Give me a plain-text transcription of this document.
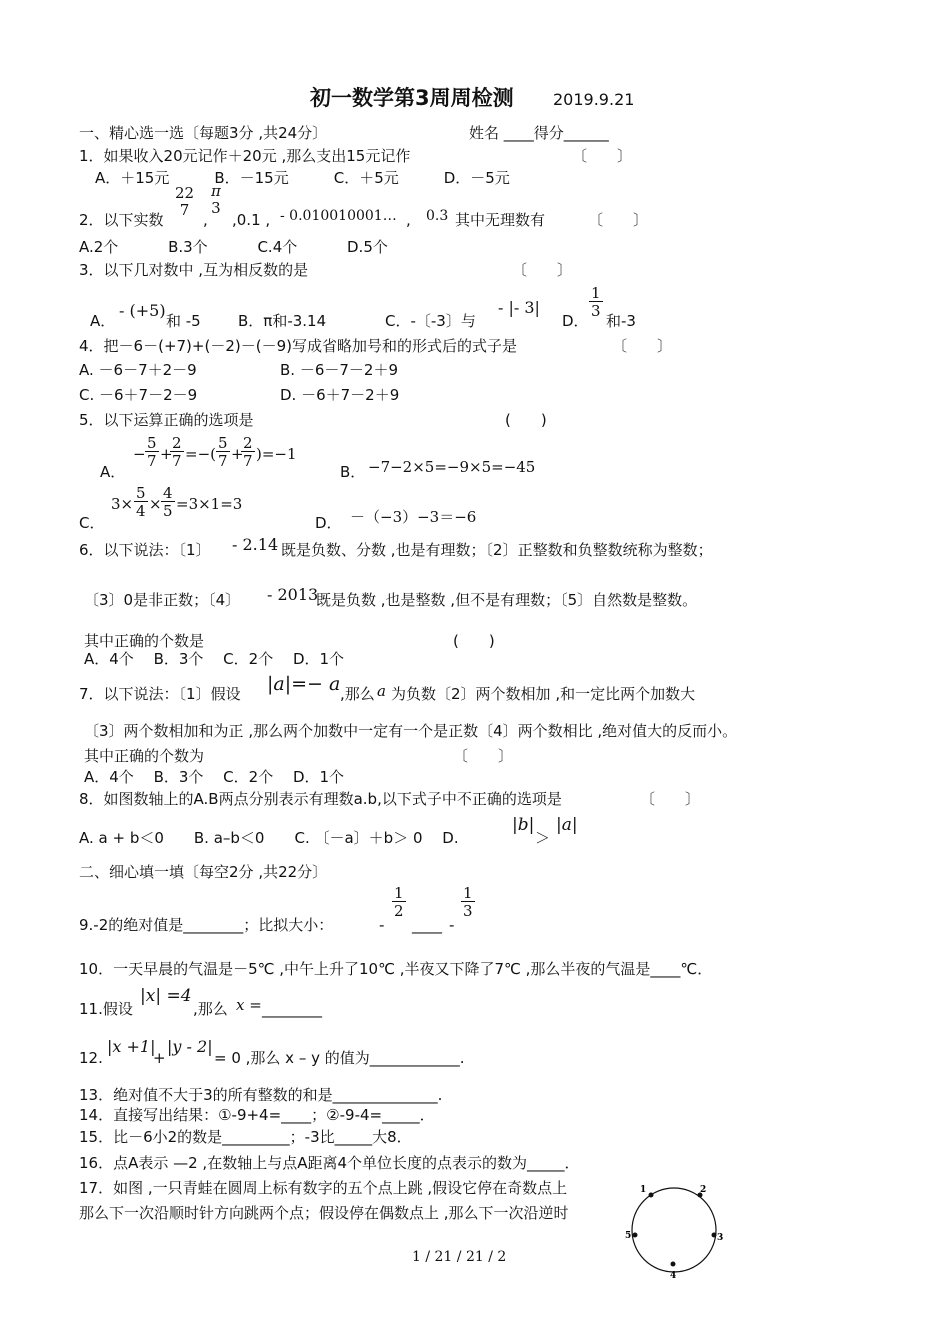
初一数学第3周周检测 2019.9.21
一、精心选一选〔每题3分 ,共24分〕	姓名 ____得分______
1．如果收入20元记作＋20元 ,那么支出15元记作	〔　　〕
A．＋15元　　　B．－15元　　　C．＋5元　　　D．－5元
2．以下实数
22
7
,
π
3
,0.1 , - 0.010010001… , 0.3 其中无理数有	〔　　〕
A.2个　　　 B.3个　　　 C.4个　　　 D.5个
3．以下几对数中 ,互为相反数的是	〔　　〕
A．
- (+5)
和 -5 B．π和-3.14	C．-〔-3〕与
- |- 3|
D．
$\frac{1}{3}$
和-3
4．把－6－(+7)+(－2)－(－9)写成省略加号和的形式后的式子是	〔　　〕
A. －6－7＋2－9	B. －6－7－2＋9
C. －6＋7－2－9	D. －6＋7－2＋9
5．以下运算正确的选项是	(　　)
A．
− $\frac{5}{7}$ +
$\frac{2}{7}$ =−( $\frac{5}{7}$ +
$\frac{2}{7} )=-1$
B． −7−2×5=−9×5=−45
C．
$3\times \frac{5}{4} \times \frac{4}{5} =3\times 1=3$
D． －（−3）−3＝−6
6．以下说法：〔1〕 - 2.14 既是负数、分数 ,也是有理数；〔2〕正整数和负整数统称为整数；
〔3〕0是非正数；〔4〕 - 2013
既是负数 ,也是整数 ,但不是有理数；〔5〕自然数是整数。
其中正确的个数是	(　　)
A．4个　 B．3个　 C．2个　 D．1个
7．以下说法：〔1〕假设 |a|=− a ,那么 a 为负数〔2〕两个数相加 ,和一定比两个加数大
〔3〕两个数相加和为正 ,那么两个加数中一定有一个是正数〔4〕两个数相比 ,绝对值大的反而小。
其中正确的个数为	〔　　〕
A．4个　 B．3个　 C．2个　 D．1个
8．如图数轴上的A.B两点分别表示有理数a.b,以下式子中不正确的选项是	〔　　〕
A. a + b＜0　　B. a–b＜0　　C. 〔－a〕＋b＞ 0　 D.
|b|
＞
|a|
二、细心填一填〔每空2分 ,共22分〕
9.-2的绝对值是________；比拟大小：	-
$\frac{1}{2}$
____ -
$\frac{1}{3}$
10．一天早晨的气温是－5℃ ,中午上升了10℃ ,半夜又下降了7℃ ,那么半夜的气温是____℃．
11.假设
|x| =4
,那么 x = ________
12.
|x +1|
+
|y - 2|
= 0 ,那么 x – y 的值为____________.
13．绝对值不大于3的所有整数的和是______________.
14．直接写出结果：①-9+4=____；②-9-4=_____．
15．比－6小2的数是_________；-3比_____大8．
16．点A表示 —2 ,在数轴上与点A距离4个单位长度的点表示的数为_____．
17．如图 ,一只青蛙在圆周上标有数字的五个点上跳 ,假设它停在奇数点上
那么下一次沿顺时针方向跳两个点；假设停在偶数点上 ,那么下一次沿逆时
1	2
3
4
5
1 / 21 / 21 / 2
